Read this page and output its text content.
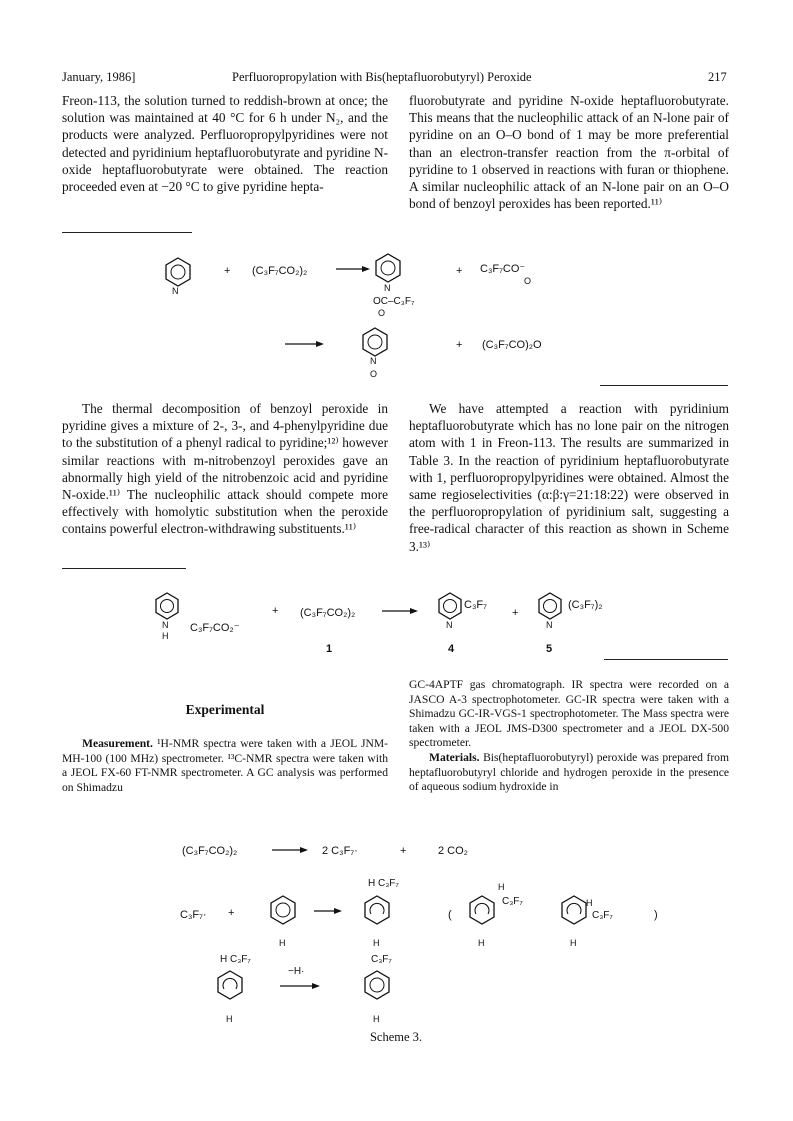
January, 1986]	Perfluoropropylation with Bis(heptafluorobutyryl) Peroxide	217

Freon-113, the solution turned to reddish-brown at once; the solution was maintained at 40 °C for 6 h under N₂, and the products were analyzed. Perfluoropropylpyridines were not detected and pyridinium heptafluorobutyrate and pyridine N-oxide heptafluorobutyrate were obtained. The reaction proceeded even at −20 °C to give pyridine hepta-

fluorobutyrate and pyridine N-oxide heptafluorobutyrate. This means that the nucleophilic attack of an N-lone pair of pyridine on an O–O bond of 1 may be more preferential than an electron-transfer reaction from the π-orbital of pyridine to 1 observed in reactions with furan or thiophene. A similar nucleophilic attack of an N-lone pair on an O–O bond of benzoyl peroxides has been reported.¹¹⁾

N
+ (C₃F₇CO₂)₂
N
OC–C₃F₇
O
+ C₃F₇CO⁻
O
N
O
+ (C₃F₇CO)₂O

The thermal decomposition of benzoyl peroxide in pyridine gives a mixture of 2-, 3-, and 4-phenylpyridine due to the substitution of a phenyl radical to pyridine;¹²⁾ however similar reactions with m-nitrobenzoyl peroxides gave an abnormally high yield of the nitrobenzoic acid and pyridine N-oxide.¹¹⁾ The nucleophilic attack should compete more effectively with homolytic substitution when the peroxide contains powerful electron-withdrawing substituents.¹¹⁾

We have attempted a reaction with pyridinium heptafluorobutyrate which has no lone pair on the nitrogen atom with 1 in Freon-113. The results are summarized in Table 3. In the reaction of pyridinium heptafluorobutyrate with 1, perfluoropropylpyridines were obtained. Almost the same regioselectivities (α:β:γ=21:18:22) were observed in the perfluoropropylation of pyridinium salt, suggesting a free-radical character of this reaction as shown in Scheme 3.¹³⁾

N
H
C₃F₇CO₂⁻
+ (C₃F₇CO₂)₂
1
N
C₃F₇
4
+
N
(C₃F₇)₂
5
Experimental

Measurement. ¹H-NMR spectra were taken with a JEOL JNM-MH-100 (100 MHz) spectrometer. ¹³C-NMR spectra were taken with a JEOL FX-60 FT-NMR spectrometer. A GC analysis was performed on Shimadzu

GC-4APTF gas chromatograph. IR spectra were recorded on a JASCO A-3 spectrophotometer. GC-IR spectra were taken with a Shimadzu GC-IR-VGS-1 spectrophotometer. The Mass spectra were taken with a JEOL JMS-D300 spectrometer and a JEOL DX-500 spectrometer.

Materials. Bis(heptafluorobutyryl) peroxide was prepared from heptafluorobutyryl chloride and hydrogen peroxide in the presence of aqueous sodium hydroxide in

(C₃F₇CO₂)₂	2 C₃F₇·	+	2 CO₂
C₃F₇· +
H
H C₃F₇
H
(
H
C₃F₇
H
H
C₃F₇
H
)
H C₃F₇
H
−H·
C₃F₇
H
Scheme 3.
